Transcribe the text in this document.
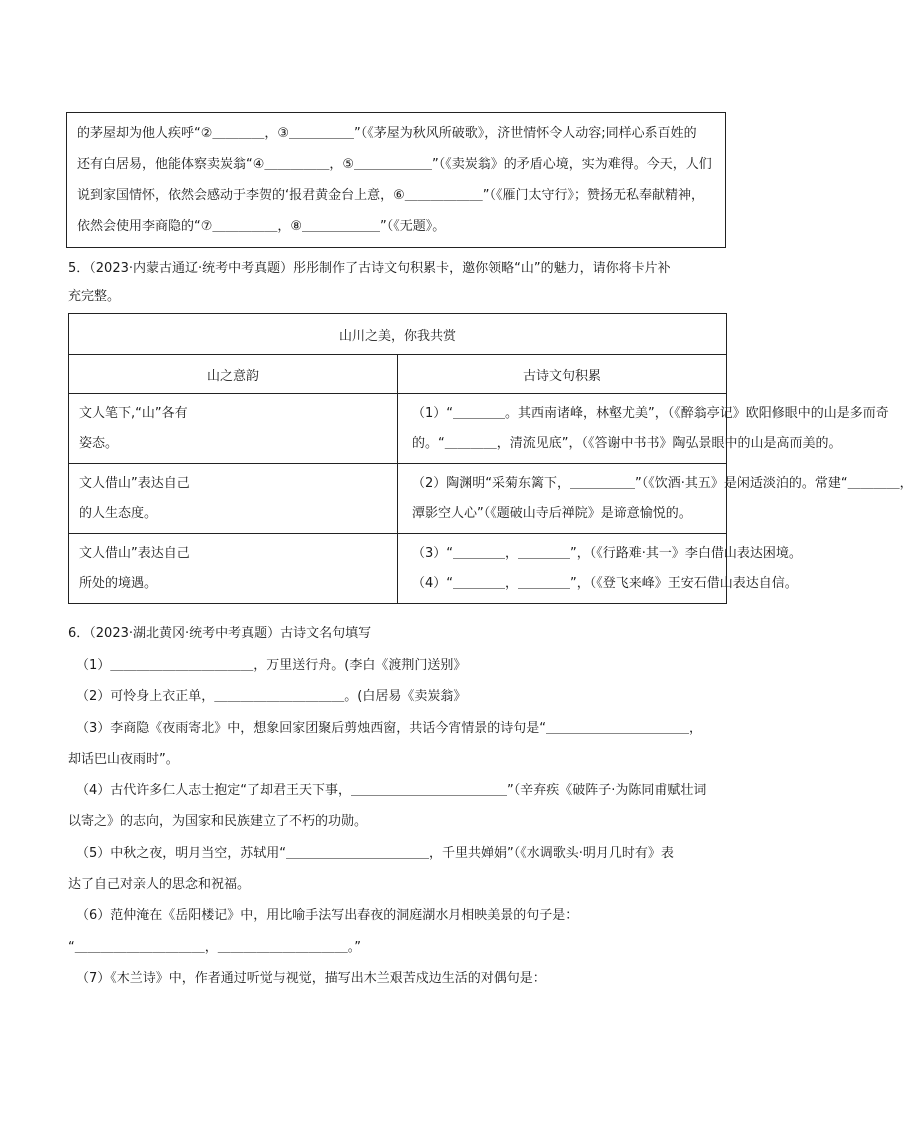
的茅屋却为他人疾呼“②＿＿＿＿，③＿＿＿＿＿”（《茅屋为秋风所破歌》，济世情怀令人动容;同样心系百姓的
还有白居易，他能体察卖炭翁“④＿＿＿＿＿，⑤＿＿＿＿＿＿”（《卖炭翁》的矛盾心境，实为难得。今天，人们
说到家国情怀，依然会感动于李贺的‘报君黄金台上意，⑥＿＿＿＿＿＿”（《雁门太守行》；赞扬无私奉献精神，
依然会使用李商隐的“⑦＿＿＿＿＿，⑧＿＿＿＿＿＿”（《无题》。
5．（2023·内蒙古通辽·统考中考真题）彤彤制作了古诗文句积累卡，邀你领略“山”的魅力，请你将卡片补
充完整。
山川之美，你我共赏	
山之意韵	古诗文句积累

文人笔下,“山”各有
姿态。	（1）“＿＿＿＿。其西南诸峰，林壑尤美”，（《醉翁亭记》欧阳修眼中的山是多而奇
的。“＿＿＿＿，清流见底”，（《答谢中书书》陶弘景眼中的山是高而美的。

文人借山”表达自己
的人生态度。	（2）陶渊明“采菊东篱下，＿＿＿＿＿”（《饮酒·其五》是闲适淡泊的。常建“＿＿＿＿，
潭影空人心”（《题破山寺后禅院》是谛意愉悦的。

文人借山”表达自己
所处的境遇。	（3）“＿＿＿＿，＿＿＿＿”，（《行路难·其一》李白借山表达困境。
（4）“＿＿＿＿，＿＿＿＿”，（《登飞来峰》王安石借山表达自信。
6．（2023·湖北黄冈·统考中考真题）古诗文名句填写
（1）＿＿＿＿＿＿＿＿＿＿＿，万里送行舟。(李白《渡荆门送别》
（2）可怜身上衣正单，＿＿＿＿＿＿＿＿＿＿。(白居易《卖炭翁》
（3）李商隐《夜雨寄北》中，想象回家团聚后剪烛西窗，共话今宵情景的诗句是“＿＿＿＿＿＿＿＿＿＿＿，
却话巴山夜雨时”。
（4）古代许多仁人志士抱定“了却君王天下事，＿＿＿＿＿＿＿＿＿＿＿＿”（辛弃疾《破阵子·为陈同甫赋壮词
以寄之》的志向，为国家和民族建立了不朽的功勋。
（5）中秋之夜，明月当空，苏轼用“＿＿＿＿＿＿＿＿＿＿＿，千里共婵娟”（《水调歌头·明月几时有》表
达了自己对亲人的思念和祝福。
（6）范仲淹在《岳阳楼记》中，用比喻手法写出春夜的洞庭湖水月相映美景的句子是：
“＿＿＿＿＿＿＿＿＿＿，＿＿＿＿＿＿＿＿＿＿。”
（7）《木兰诗》中，作者通过听觉与视觉，描写出木兰艰苦戍边生活的对偶句是：
